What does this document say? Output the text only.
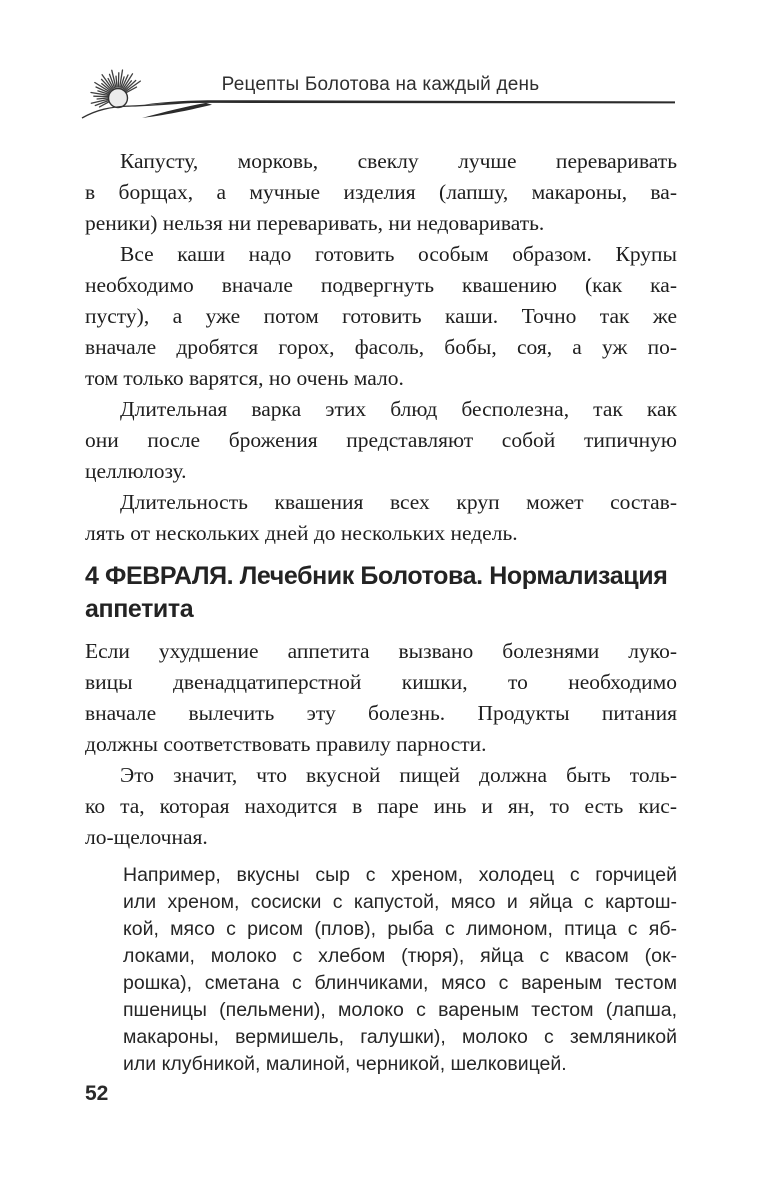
Рецепты Болотова на каждый день
Капусту, морковь, свеклу лучше переваривать
в борщах, а мучные изделия (лапшу, макароны, ва-
реники) нельзя ни переваривать, ни недоваривать.
Все каши надо готовить особым образом. Крупы
необходимо вначале подвергнуть квашению (как ка-
пусту), а уже потом готовить каши. Точно так же
вначале дробятся горох, фасоль, бобы, соя, а уж по-
том только варятся, но очень мало.
Длительная варка этих блюд бесполезна, так как
они после брожения представляют собой типичную
целлюлозу.
Длительность квашения всех круп может состав-
лять от нескольких дней до нескольких недель.
4 ФЕВРАЛЯ. Лечебник Болотова. Нормализация
аппетита
Если ухудшение аппетита вызвано болезнями луко-
вицы двенадцатиперстной кишки, то необходимо
вначале вылечить эту болезнь. Продукты питания
должны соответствовать правилу парности.
Это значит, что вкусной пищей должна быть толь-
ко та, которая находится в паре инь и ян, то есть кис-
ло-щелочная.
Например, вкусны сыр с хреном, холодец с горчицей
или хреном, сосиски с капустой, мясо и яйца с картош-
кой, мясо с рисом (плов), рыба с лимоном, птица с яб-
локами, молоко с хлебом (тюря), яйца с квасом (ок-
рошка), сметана с блинчиками, мясо с вареным тестом
пшеницы (пельмени), молоко с вареным тестом (лапша,
макароны, вермишель, галушки), молоко с земляникой
или клубникой, малиной, черникой, шелковицей.
52
